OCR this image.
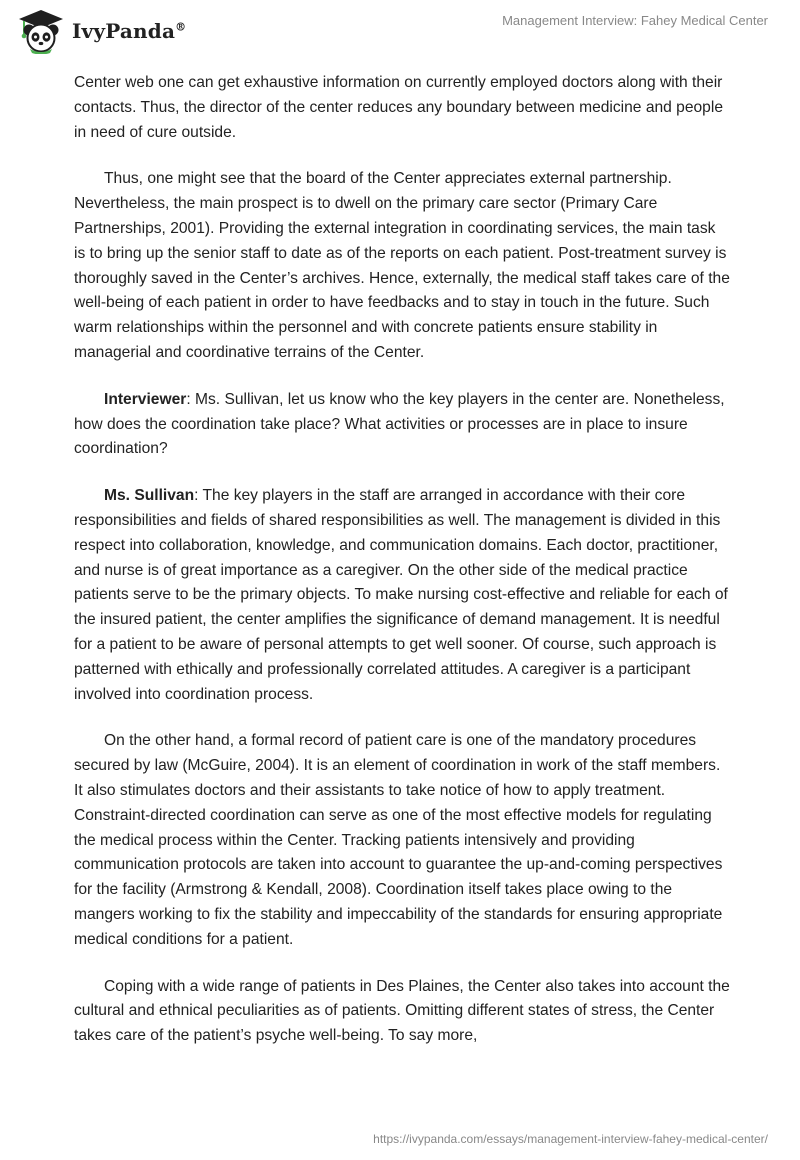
IvyPanda®	Management Interview: Fahey Medical Center

Center web one can get exhaustive information on currently employed doctors along with their contacts. Thus, the director of the center reduces any boundary between medicine and people in need of cure outside.

Thus, one might see that the board of the Center appreciates external partnership. Nevertheless, the main prospect is to dwell on the primary care sector (Primary Care Partnerships, 2001). Providing the external integration in coordinating services, the main task is to bring up the senior staff to date as of the reports on each patient. Post-treatment survey is thoroughly saved in the Center’s archives. Hence, externally, the medical staff takes care of the well-being of each patient in order to have feedbacks and to stay in touch in the future. Such warm relationships within the personnel and with concrete patients ensure stability in managerial and coordinative terrains of the Center.

Interviewer: Ms. Sullivan, let us know who the key players in the center are. Nonetheless, how does the coordination take place? What activities or processes are in place to insure coordination?

Ms. Sullivan: The key players in the staff are arranged in accordance with their core responsibilities and fields of shared responsibilities as well. The management is divided in this respect into collaboration, knowledge, and communication domains. Each doctor, practitioner, and nurse is of great importance as a caregiver. On the other side of the medical practice patients serve to be the primary objects. To make nursing cost-effective and reliable for each of the insured patient, the center amplifies the significance of demand management. It is needful for a patient to be aware of personal attempts to get well sooner. Of course, such approach is patterned with ethically and professionally correlated attitudes. A caregiver is a participant involved into coordination process.

On the other hand, a formal record of patient care is one of the mandatory procedures secured by law (McGuire, 2004). It is an element of coordination in work of the staff members. It also stimulates doctors and their assistants to take notice of how to apply treatment. Constraint-directed coordination can serve as one of the most effective models for regulating the medical process within the Center. Tracking patients intensively and providing communication protocols are taken into account to guarantee the up-and-coming perspectives for the facility (Armstrong & Kendall, 2008). Coordination itself takes place owing to the mangers working to fix the stability and impeccability of the standards for ensuring appropriate medical conditions for a patient.

Coping with a wide range of patients in Des Plaines, the Center also takes into account the cultural and ethnical peculiarities as of patients. Omitting different states of stress, the Center takes care of the patient’s psyche well-being. To say more,

https://ivypanda.com/essays/management-interview-fahey-medical-center/
